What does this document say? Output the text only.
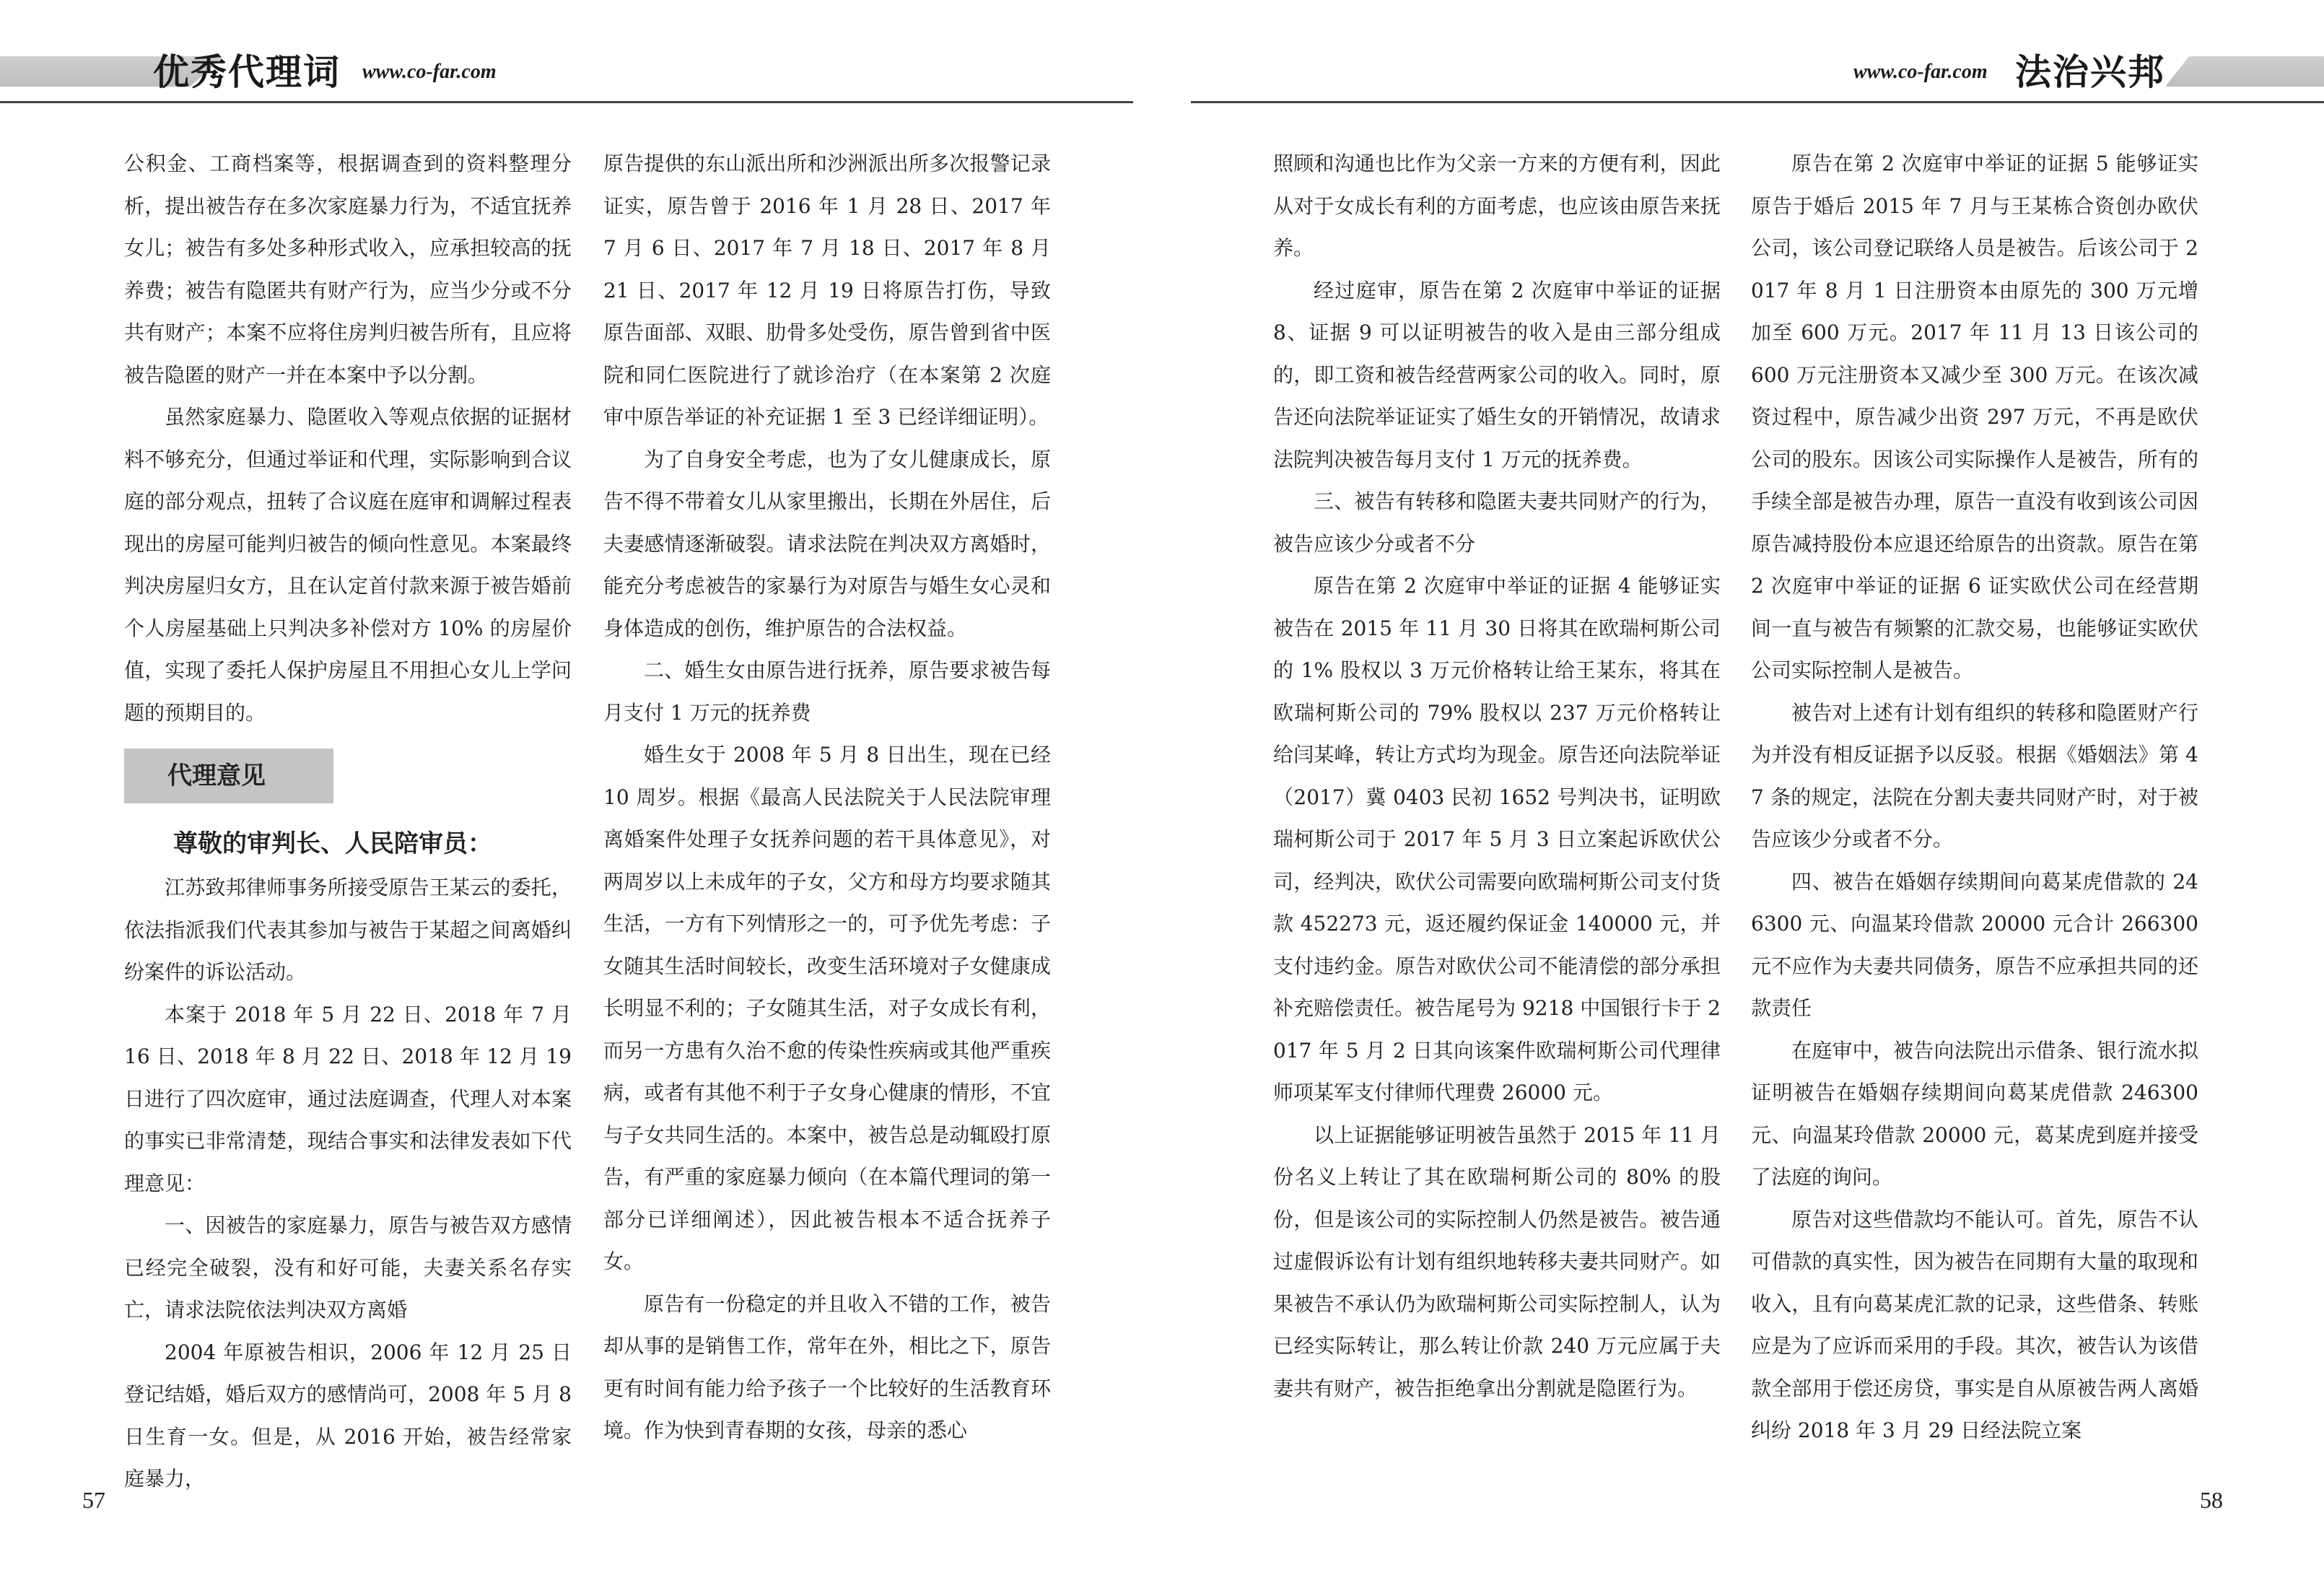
优秀代理词 www.co-far.com	www.co-far.com 法治兴邦

公积金、工商档案等，根据调查到的资料整理分析，提出被告存在多次家庭暴力行为，不适宜抚养女儿；被告有多处多种形式收入，应承担较高的抚养费；被告有隐匿共有财产行为，应当少分或不分共有财产；本案不应将住房判归被告所有，且应将被告隐匿的财产一并在本案中予以分割。

虽然家庭暴力、隐匿收入等观点依据的证据材料不够充分，但通过举证和代理，实际影响到合议庭的部分观点，扭转了合议庭在庭审和调解过程表现出的房屋可能判归被告的倾向性意见。本案最终判决房屋归女方，且在认定首付款来源于被告婚前个人房屋基础上只判决多补偿对方 10% 的房屋价值，实现了委托人保护房屋且不用担心女儿上学问题的预期目的。

代理意见

尊敬的审判长、人民陪审员：

江苏致邦律师事务所接受原告王某云的委托，依法指派我们代表其参加与被告于某超之间离婚纠纷案件的诉讼活动。

本案于 2018 年 5 月 22 日、2018 年 7 月 16 日、2018 年 8 月 22 日、2018 年 12 月 19 日进行了四次庭审，通过法庭调查，代理人对本案的事实已非常清楚，现结合事实和法律发表如下代理意见：

一、因被告的家庭暴力，原告与被告双方感情已经完全破裂，没有和好可能，夫妻关系名存实亡，请求法院依法判决双方离婚

2004 年原被告相识，2006 年 12 月 25 日登记结婚，婚后双方的感情尚可，2008 年 5 月 8 日生育一女。但是，从 2016 开始，被告经常家庭暴力，

原告提供的东山派出所和沙洲派出所多次报警记录证实，原告曾于 2016 年 1 月 28 日、2017 年 7 月 6 日、2017 年 7 月 18 日、2017 年 8 月 21 日、2017 年 12 月 19 日将原告打伤，导致原告面部、双眼、肋骨多处受伤，原告曾到省中医院和同仁医院进行了就诊治疗（在本案第 2 次庭审中原告举证的补充证据 1 至 3 已经详细证明）。

为了自身安全考虑，也为了女儿健康成长，原告不得不带着女儿从家里搬出，长期在外居住，后夫妻感情逐渐破裂。请求法院在判决双方离婚时，能充分考虑被告的家暴行为对原告与婚生女心灵和身体造成的创伤，维护原告的合法权益。

二、婚生女由原告进行抚养，原告要求被告每月支付 1 万元的抚养费

婚生女于 2008 年 5 月 8 日出生，现在已经 10 周岁。根据《最高人民法院关于人民法院审理离婚案件处理子女抚养问题的若干具体意见》，对两周岁以上未成年的子女，父方和母方均要求随其生活，一方有下列情形之一的，可予优先考虑：子女随其生活时间较长，改变生活环境对子女健康成长明显不利的；子女随其生活，对子女成长有利，而另一方患有久治不愈的传染性疾病或其他严重疾病，或者有其他不利于子女身心健康的情形，不宜与子女共同生活的。本案中，被告总是动辄殴打原告，有严重的家庭暴力倾向（在本篇代理词的第一部分已详细阐述），因此被告根本不适合抚养子女。

原告有一份稳定的并且收入不错的工作，被告却从事的是销售工作，常年在外，相比之下，原告更有时间有能力给予孩子一个比较好的生活教育环境。作为快到青春期的女孩，母亲的悉心

照顾和沟通也比作为父亲一方来的方便有利，因此从对于女成长有利的方面考虑，也应该由原告来抚养。

经过庭审，原告在第 2 次庭审中举证的证据 8、证据 9 可以证明被告的收入是由三部分组成的，即工资和被告经营两家公司的收入。同时，原告还向法院举证证实了婚生女的开销情况，故请求法院判决被告每月支付 1 万元的抚养费。

三、被告有转移和隐匿夫妻共同财产的行为，被告应该少分或者不分

原告在第 2 次庭审中举证的证据 4 能够证实被告在 2015 年 11 月 30 日将其在欧瑞柯斯公司的 1% 股权以 3 万元价格转让给王某东，将其在欧瑞柯斯公司的 79% 股权以 237 万元价格转让给闫某峰，转让方式均为现金。原告还向法院举证（2017）冀 0403 民初 1652 号判决书，证明欧瑞柯斯公司于 2017 年 5 月 3 日立案起诉欧伏公司，经判决，欧伏公司需要向欧瑞柯斯公司支付货款 452273 元，返还履约保证金 140000 元，并支付违约金。原告对欧伏公司不能清偿的部分承担补充赔偿责任。被告尾号为 9218 中国银行卡于 2017 年 5 月 2 日其向该案件欧瑞柯斯公司代理律师项某军支付律师代理费 26000 元。

以上证据能够证明被告虽然于 2015 年 11 月份名义上转让了其在欧瑞柯斯公司的 80% 的股份，但是该公司的实际控制人仍然是被告。被告通过虚假诉讼有计划有组织地转移夫妻共同财产。如果被告不承认仍为欧瑞柯斯公司实际控制人，认为已经实际转让，那么转让价款 240 万元应属于夫妻共有财产，被告拒绝拿出分割就是隐匿行为。

原告在第 2 次庭审中举证的证据 5 能够证实原告于婚后 2015 年 7 月与王某栋合资创办欧伏公司，该公司登记联络人员是被告。后该公司于 2017 年 8 月 1 日注册资本由原先的 300 万元增加至 600 万元。2017 年 11 月 13 日该公司的 600 万元注册资本又减少至 300 万元。在该次减资过程中，原告减少出资 297 万元，不再是欧伏公司的股东。因该公司实际操作人是被告，所有的手续全部是被告办理，原告一直没有收到该公司因原告减持股份本应退还给原告的出资款。原告在第 2 次庭审中举证的证据 6 证实欧伏公司在经营期间一直与被告有频繁的汇款交易，也能够证实欧伏公司实际控制人是被告。

被告对上述有计划有组织的转移和隐匿财产行为并没有相反证据予以反驳。根据《婚姻法》第 47 条的规定，法院在分割夫妻共同财产时，对于被告应该少分或者不分。

四、被告在婚姻存续期间向葛某虎借款的 246300 元、向温某玲借款 20000 元合计 266300 元不应作为夫妻共同债务，原告不应承担共同的还款责任

在庭审中，被告向法院出示借条、银行流水拟证明被告在婚姻存续期间向葛某虎借款 246300 元、向温某玲借款 20000 元，葛某虎到庭并接受了法庭的询问。

原告对这些借款均不能认可。首先，原告不认可借款的真实性，因为被告在同期有大量的取现和收入，且有向葛某虎汇款的记录，这些借条、转账应是为了应诉而采用的手段。其次，被告认为该借款全部用于偿还房贷，事实是自从原被告两人离婚纠纷 2018 年 3 月 29 日经法院立案

57	58
